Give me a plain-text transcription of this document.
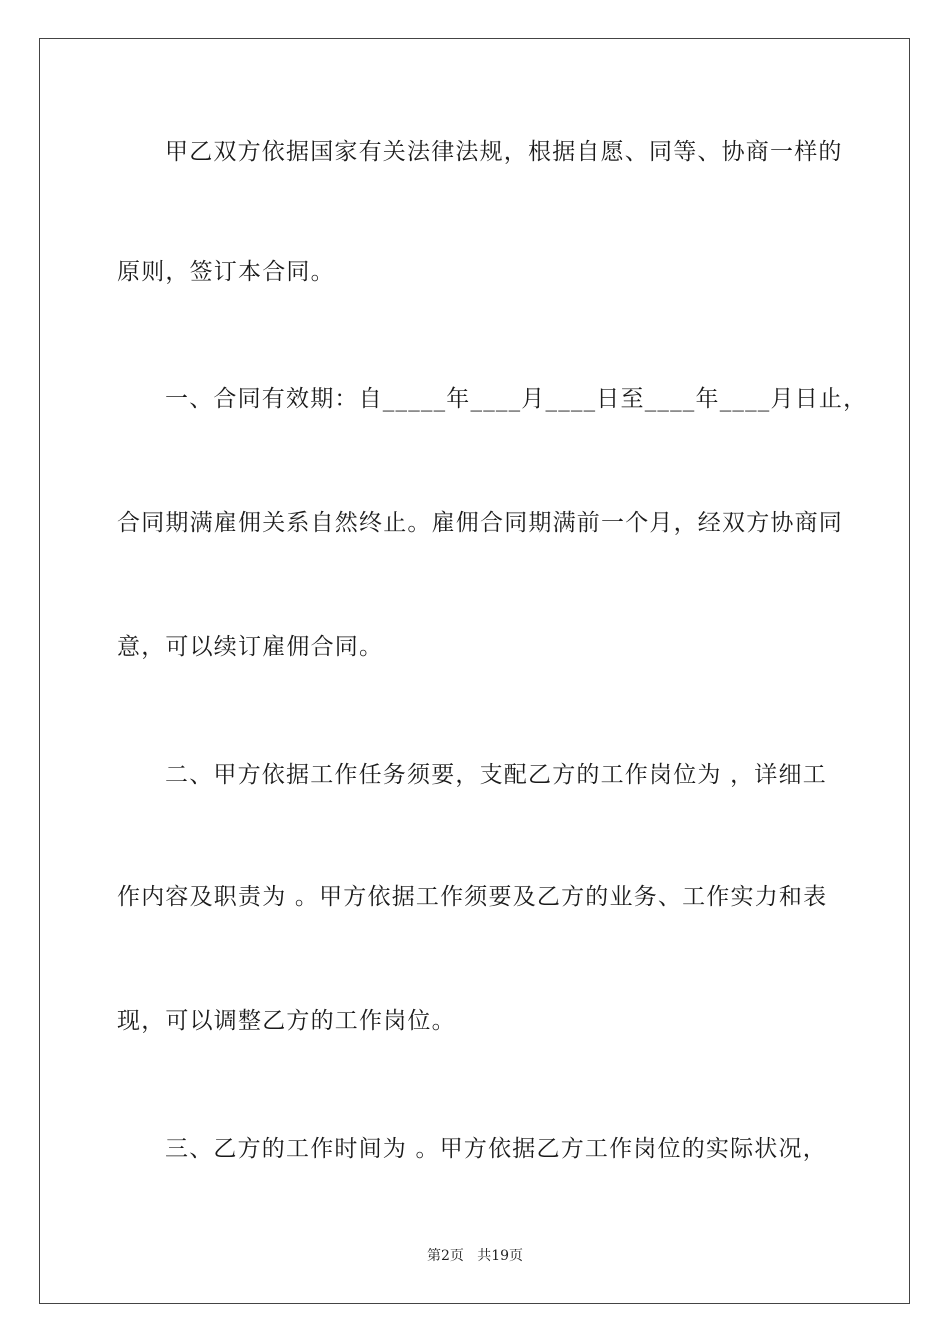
甲乙双方依据国家有关法律法规，根据自愿、同等、协商一样的
原则，签订本合同。
一、合同有效期：自_____年____月____日至____年____月日止，
合同期满雇佣关系自然终止。雇佣合同期满前一个月，经双方协商同
意，可以续订雇佣合同。
二、甲方依据工作任务须要，支配乙方的工作岗位为 ，详细工
作内容及职责为 。甲方依据工作须要及乙方的业务、工作实力和表
现，可以调整乙方的工作岗位。
三、乙方的工作时间为 。甲方依据乙方工作岗位的实际状况，
第2页   共19页
